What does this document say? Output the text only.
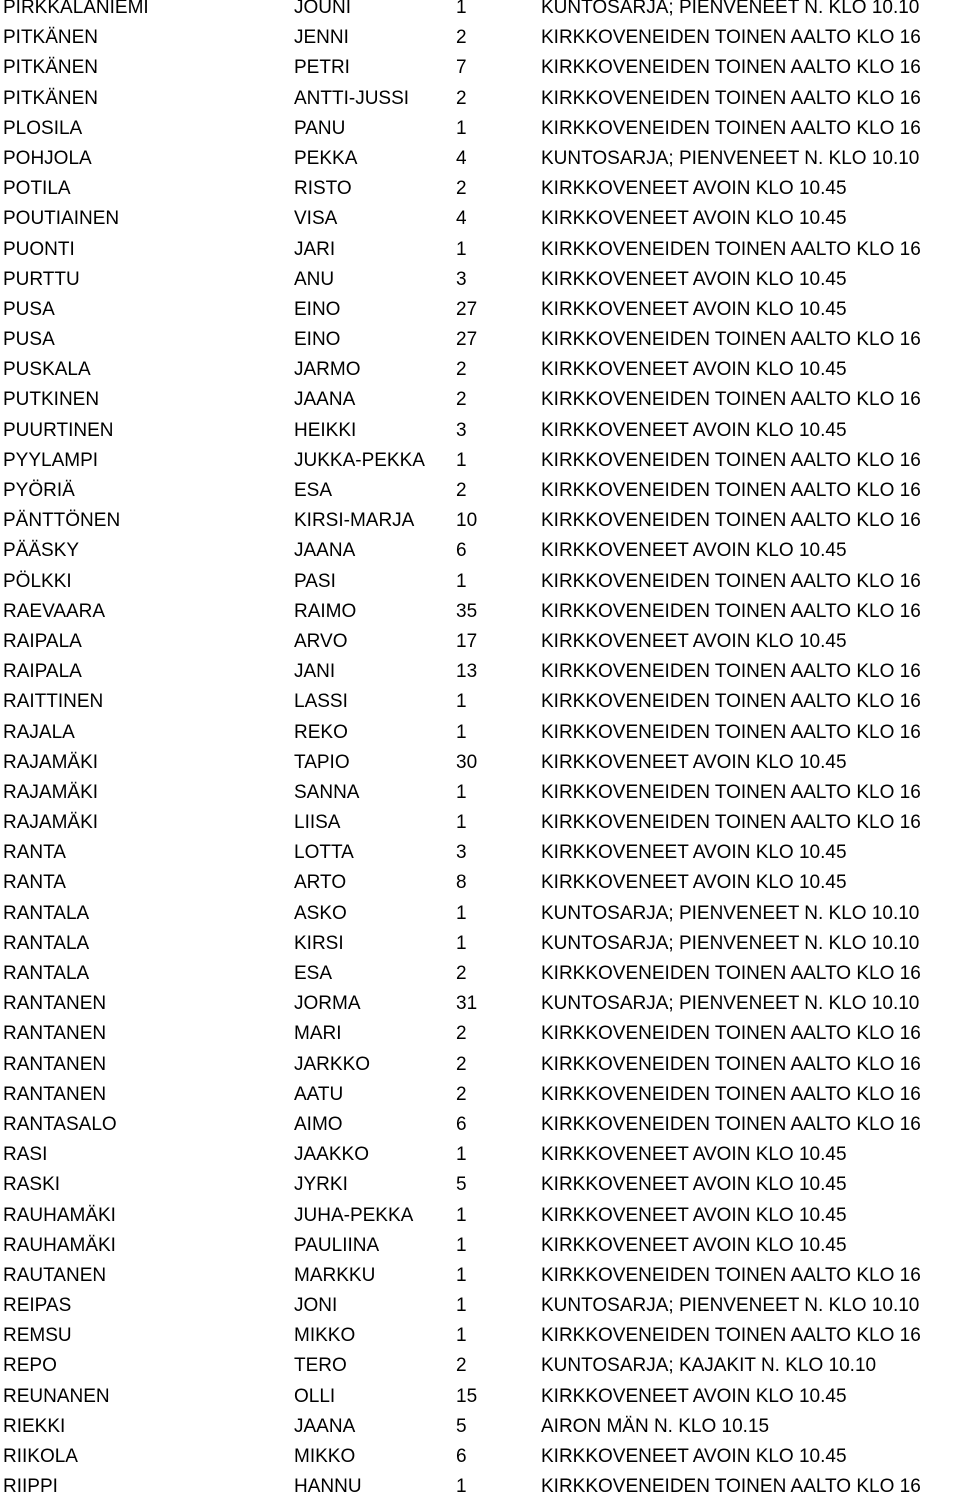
PIRKKALANIEMI	JOUNI	1	KUNTOSARJA; PIENVENEET N. KLO 10.10
PITKÄNEN	JENNI	2	KIRKKOVENEIDEN TOINEN AALTO KLO 16
PITKÄNEN	PETRI	7	KIRKKOVENEIDEN TOINEN AALTO KLO 16
PITKÄNEN	ANTTI-JUSSI 2	KIRKKOVENEIDEN TOINEN AALTO KLO 16
PLOSILA	PANU	1	KIRKKOVENEIDEN TOINEN AALTO KLO 16
POHJOLA	PEKKA	4	KUNTOSARJA; PIENVENEET N. KLO 10.10
POTILA	RISTO	2	KIRKKOVENEET AVOIN KLO 10.45
POUTIAINEN	VISA	4	KIRKKOVENEET AVOIN KLO 10.45
PUONTI	JARI	1	KIRKKOVENEIDEN TOINEN AALTO KLO 16
PURTTU	ANU	3	KIRKKOVENEET AVOIN KLO 10.45
PUSA	EINO	27	KIRKKOVENEET AVOIN KLO 10.45
PUSA	EINO	27	KIRKKOVENEIDEN TOINEN AALTO KLO 16
PUSKALA	JARMO	2	KIRKKOVENEET AVOIN KLO 10.45
PUTKINEN	JAANA	2	KIRKKOVENEIDEN TOINEN AALTO KLO 16
PUURTINEN	HEIKKI	3	KIRKKOVENEET AVOIN KLO 10.45
PYYLAMPI	JUKKA-PEKKA 1	KIRKKOVENEIDEN TOINEN AALTO KLO 16
PYÖRIÄ	ESA	2	KIRKKOVENEIDEN TOINEN AALTO KLO 16
PÄNTTÖNEN	KIRSI-MARJA 10	KIRKKOVENEIDEN TOINEN AALTO KLO 16
PÄÄSKY	JAANA	6	KIRKKOVENEET AVOIN KLO 10.45
PÖLKKI	PASI	1	KIRKKOVENEIDEN TOINEN AALTO KLO 16
RAEVAARA	RAIMO	35	KIRKKOVENEIDEN TOINEN AALTO KLO 16
RAIPALA	ARVO	17	KIRKKOVENEET AVOIN KLO 10.45
RAIPALA	JANI	13	KIRKKOVENEIDEN TOINEN AALTO KLO 16
RAITTINEN	LASSI	1	KIRKKOVENEIDEN TOINEN AALTO KLO 16
RAJALA	REKO	1	KIRKKOVENEIDEN TOINEN AALTO KLO 16
RAJAMÄKI	TAPIO	30	KIRKKOVENEET AVOIN KLO 10.45
RAJAMÄKI	SANNA	1	KIRKKOVENEIDEN TOINEN AALTO KLO 16
RAJAMÄKI	LIISA	1	KIRKKOVENEIDEN TOINEN AALTO KLO 16
RANTA	LOTTA	3	KIRKKOVENEET AVOIN KLO 10.45
RANTA	ARTO	8	KIRKKOVENEET AVOIN KLO 10.45
RANTALA	ASKO	1	KUNTOSARJA; PIENVENEET N. KLO 10.10
RANTALA	KIRSI	1	KUNTOSARJA; PIENVENEET N. KLO 10.10
RANTALA	ESA	2	KIRKKOVENEIDEN TOINEN AALTO KLO 16
RANTANEN	JORMA	31	KUNTOSARJA; PIENVENEET N. KLO 10.10
RANTANEN	MARI	2	KIRKKOVENEIDEN TOINEN AALTO KLO 16
RANTANEN	JARKKO	2	KIRKKOVENEIDEN TOINEN AALTO KLO 16
RANTANEN	AATU	2	KIRKKOVENEIDEN TOINEN AALTO KLO 16
RANTASALO	AIMO	6	KIRKKOVENEIDEN TOINEN AALTO KLO 16
RASI	JAAKKO	1	KIRKKOVENEET AVOIN KLO 10.45
RASKI	JYRKI	5	KIRKKOVENEET AVOIN KLO 10.45
RAUHAMÄKI	JUHA-PEKKA 1	KIRKKOVENEET AVOIN KLO 10.45
RAUHAMÄKI	PAULIINA	1	KIRKKOVENEET AVOIN KLO 10.45
RAUTANEN	MARKKU	1	KIRKKOVENEIDEN TOINEN AALTO KLO 16
REIPAS	JONI	1	KUNTOSARJA; PIENVENEET N. KLO 10.10
REMSU	MIKKO	1	KIRKKOVENEIDEN TOINEN AALTO KLO 16
REPO	TERO	2	KUNTOSARJA; KAJAKIT N. KLO 10.10
REUNANEN	OLLI	15	KIRKKOVENEET AVOIN KLO 10.45
RIEKKI	JAANA	5	AIRON MÄN N. KLO 10.15
RIIKOLA	MIKKO	6	KIRKKOVENEET AVOIN KLO 10.45
RIIPPI	HANNU	1	KIRKKOVENEIDEN TOINEN AALTO KLO 16
